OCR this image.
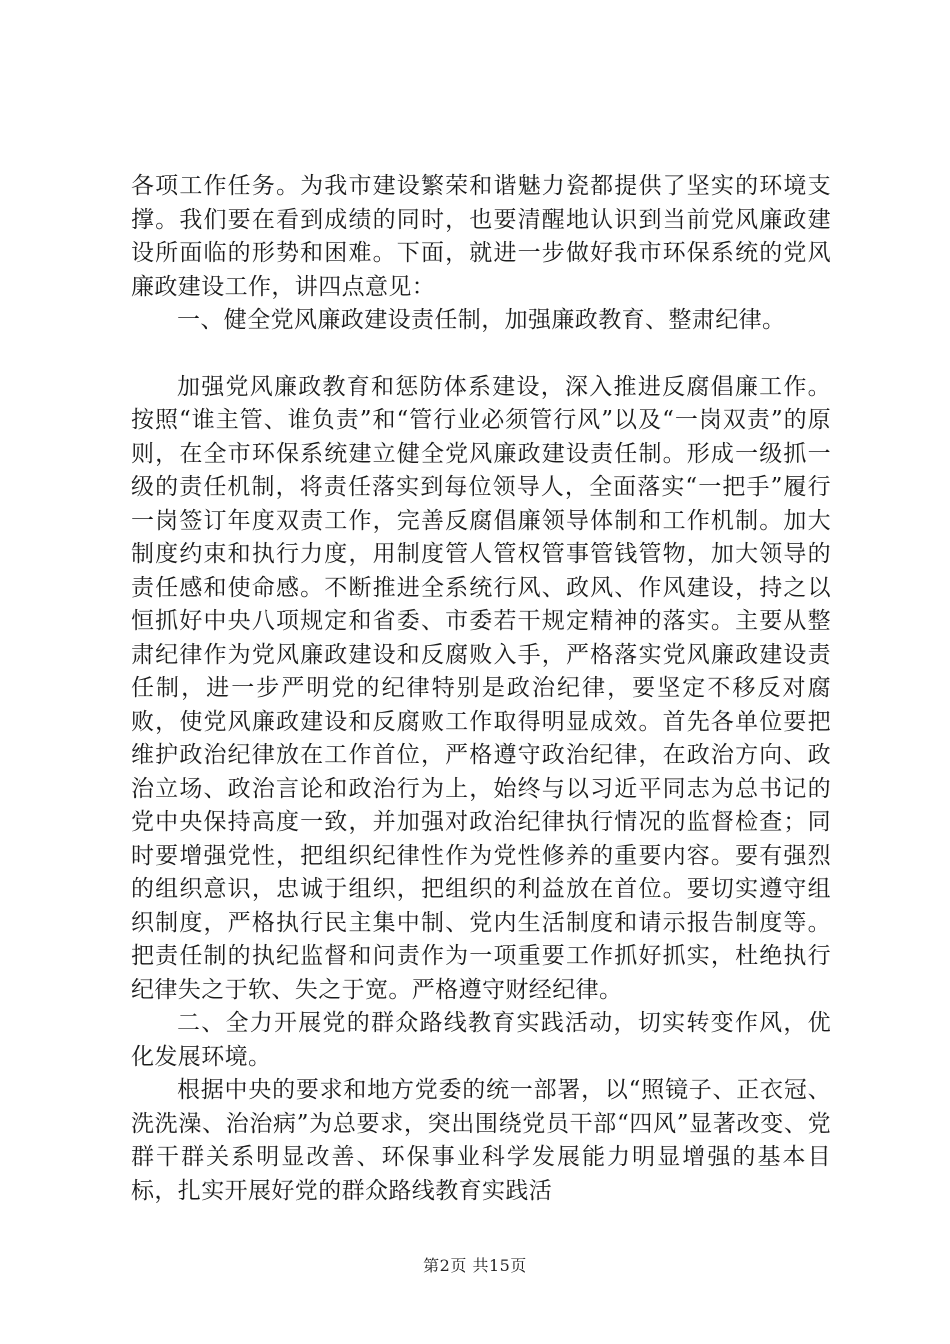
各项工作任务。为我市建设繁荣和谐魅力瓷都提供了坚实的环境支撑。我们要在看到成绩的同时，也要清醒地认识到当前党风廉政建设所面临的形势和困难。下面，就进一步做好我市环保系统的党风廉政建设工作，讲四点意见：

一、健全党风廉政建设责任制，加强廉政教育、整肃纪律。

加强党风廉政教育和惩防体系建设，深入推进反腐倡廉工作。按照“谁主管、谁负责”和“管行业必须管行风”以及“一岗双责”的原则，在全市环保系统建立健全党风廉政建设责任制。形成一级抓一级的责任机制，将责任落实到每位领导人，全面落实“一把手”履行一岗签订年度双责工作，完善反腐倡廉领导体制和工作机制。加大制度约束和执行力度，用制度管人管权管事管钱管物，加大领导的责任感和使命感。不断推进全系统行风、政风、作风建设，持之以恒抓好中央八项规定和省委、市委若干规定精神的落实。主要从整肃纪律作为党风廉政建设和反腐败入手，严格落实党风廉政建设责任制，进一步严明党的纪律特别是政治纪律，要坚定不移反对腐败，使党风廉政建设和反腐败工作取得明显成效。首先各单位要把维护政治纪律放在工作首位，严格遵守政治纪律，在政治方向、政治立场、政治言论和政治行为上，始终与以习近平同志为总书记的党中央保持高度一致，并加强对政治纪律执行情况的监督检查；同时要增强党性，把组织纪律性作为党性修养的重要内容。要有强烈的组织意识，忠诚于组织，把组织的利益放在首位。要切实遵守组织制度，严格执行民主集中制、党内生活制度和请示报告制度等。把责任制的执纪监督和问责作为一项重要工作抓好抓实，杜绝执行纪律失之于软、失之于宽。严格遵守财经纪律。

二、全力开展党的群众路线教育实践活动，切实转变作风，优化发展环境。

根据中央的要求和地方党委的统一部署，以“照镜子、正衣冠、洗洗澡、治治病”为总要求，突出围绕党员干部“四风”显著改变、党群干群关系明显改善、环保事业科学发展能力明显增强的基本目标，扎实开展好党的群众路线教育实践活

第2页 共15页
